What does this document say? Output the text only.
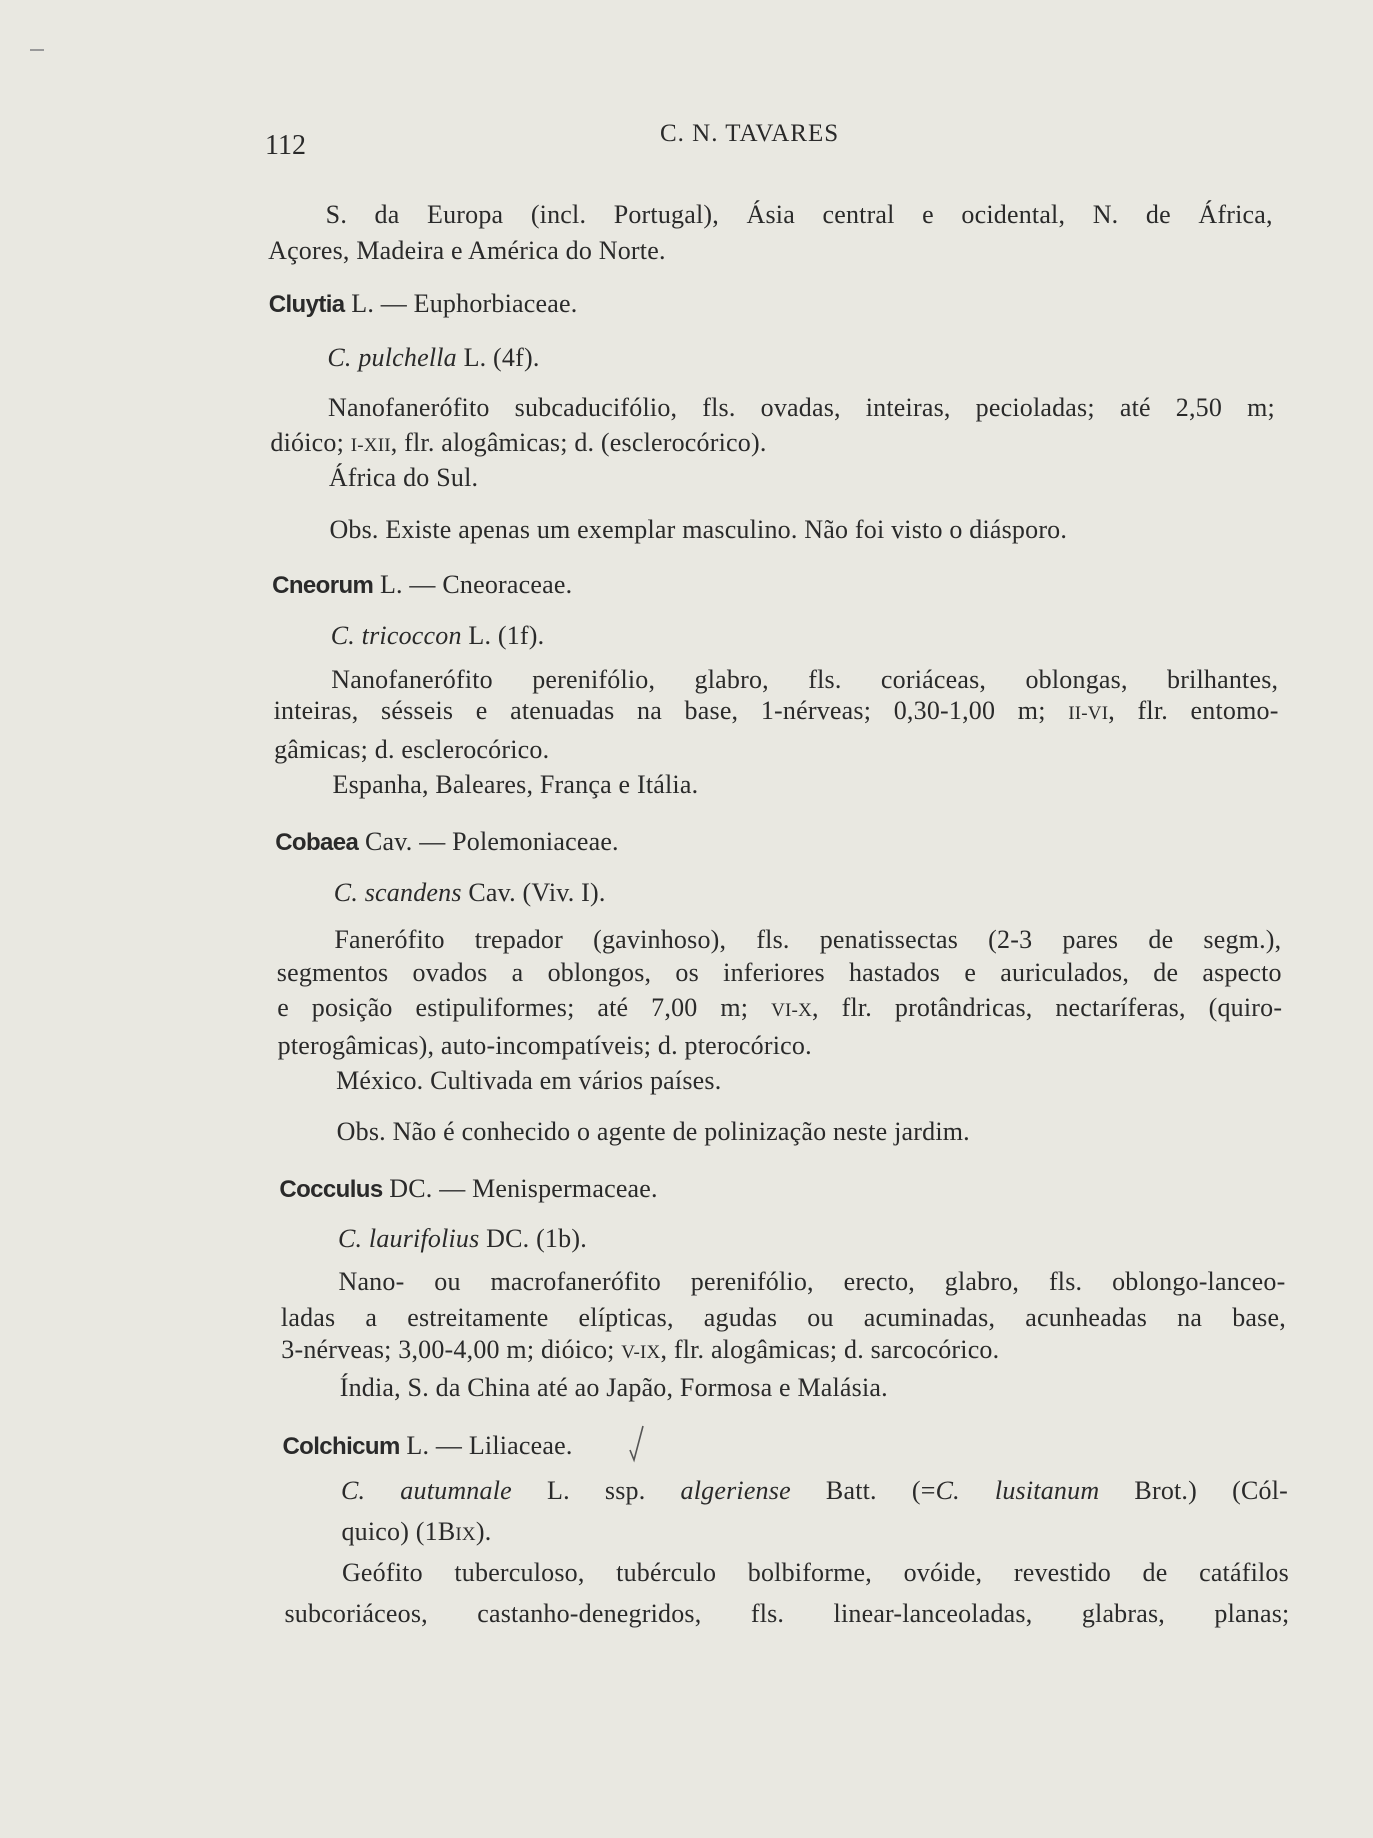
112	C. N. TAVARES
S. da Europa (incl. Portugal), Ásia central e ocidental, N. de África,
Açores, Madeira e América do Norte.
Cluytia L. — Euphorbiaceae.
C. pulchella L. (4f).
Nanofanerófito subcaducifólio, fls. ovadas, inteiras, pecioladas; até 2,50 m;
dióico; I-XII, flr. alogâmicas; d. (esclerocórico).
África do Sul.
Obs. Existe apenas um exemplar masculino. Não foi visto o diásporo.
Cneorum L. — Cneoraceae.
C. tricoccon L. (1f).
Nanofanerófito perenifólio, glabro, fls. coriáceas, oblongas, brilhantes,
inteiras, sésseis e atenuadas na base, 1-nérveas; 0,30-1,00 m; II-VI, flr. entomo-
gâmicas; d. esclerocórico.
Espanha, Baleares, França e Itália.
Cobaea Cav. — Polemoniaceae.
C. scandens Cav. (Viv. I).
Fanerófito trepador (gavinhoso), fls. penatissectas (2-3 pares de segm.),
segmentos ovados a oblongos, os inferiores hastados e auriculados, de aspecto
e posição estipuliformes; até 7,00 m; VI-X, flr. protândricas, nectaríferas, (quiro-
pterogâmicas), auto-incompatíveis; d. pterocórico.
México. Cultivada em vários países.
Obs. Não é conhecido o agente de polinização neste jardim.
Cocculus DC. — Menispermaceae.
C. laurifolius DC. (1b).
Nano- ou macrofanerófito perenifólio, erecto, glabro, fls. oblongo-lanceo-
ladas a estreitamente elípticas, agudas ou acuminadas, acunheadas na base,
3-nérveas; 3,00-4,00 m; dióico; V-IX, flr. alogâmicas; d. sarcocórico.
Índia, S. da China até ao Japão, Formosa e Malásia.
Colchicum L. — Liliaceae.
C. autumnale L. ssp. algeriense Batt. (=C. lusitanum Brot.) (Cól-
quico) (1BIX).
Geófito tuberculoso, tubérculo bolbiforme, ovóide, revestido de catáfilos
subcoriáceos, castanho-denegridos, fls. linear-lanceoladas, glabras, planas;
